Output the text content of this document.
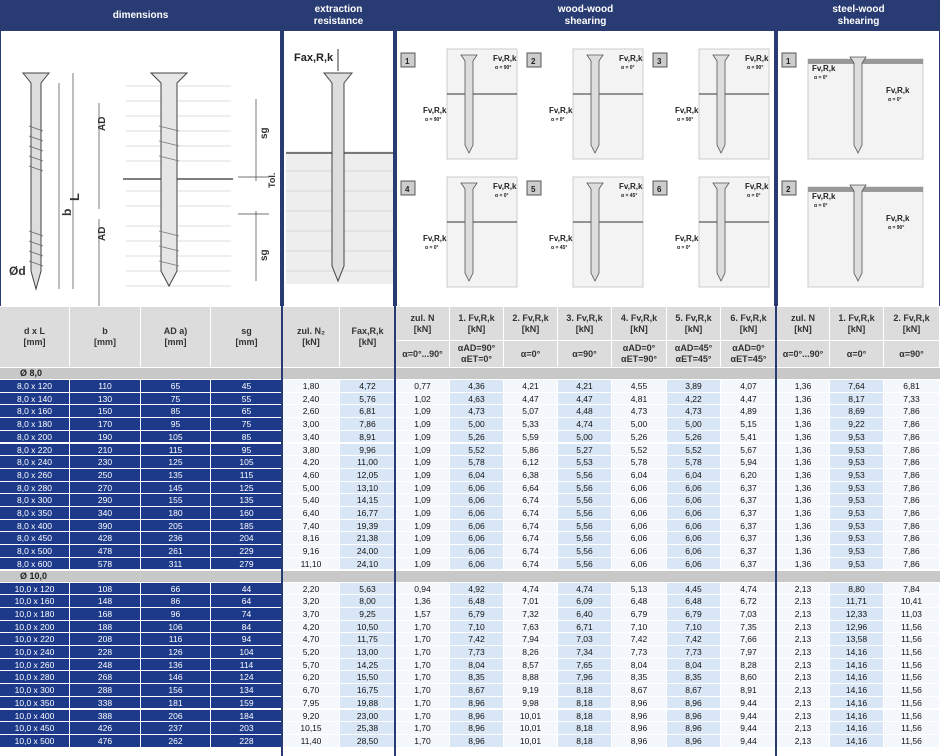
dimensions
extraction
resistance
wood-wood
shearing
steel-wood
shearing
AD
AD
L
b
Ød
sg
sg
Tol.
Fax,R,k	1	Fv,R,k
α = 90°
Fv,R,k
α = 90°
2	Fv,R,k
α = 0°
Fv,R,k
α = 0°
3	Fv,R,k
α = 90°
Fv,R,k
α = 90°
4	Fv,R,k
α = 0°
Fv,R,k
α = 0°
5	Fv,R,k
α = 45°
Fv,R,k
α = 45°
6	Fv,R,k
α = 0°
Fv,R,k
α = 0°
1
Fv,R,k
α = 0°
Fv,R,k
α = 0°
2
Fv,R,k
α = 0°
Fv,R,k
α = 90°
d x L
[mm]
b
[mm]
AD a)
[mm]
sg
[mm]
zul. N₂
[kN]
Fax,R,k
[kN]
zul. N
[kN]
α=0°...90°
1. Fv,R,k
[kN]
αAD=90°
αET=0°
2. Fv,R,k
[kN]
α=0°
3. Fv,R,k
[kN]
α=90°
4. Fv,R,k
[kN]
αAD=0°
αET=90°
5. Fv,R,k
[kN]
αAD=45°
αET=45°
6. Fv,R,k
[kN]
αAD=0°
αET=45°
zul. N
[kN]
α=0°...90°
1. Fv,R,k
[kN]
α=0°
2. Fv,R,k
[kN]
α=90°
Ø 8,0
8,0 x 120	110	65	45	1,80	4,72	0,77	4,36	4,21	4,21	4,55	3,89	4,07	1,36	7,64	6,81
8,0 x 140	130	75	55	2,40	5,76	1,02	4,63	4,47	4,47	4,81	4,22	4,47	1,36	8,17	7,33
8,0 x 160	150	85	65	2,60	6,81	1,09	4,73	5,07	4,48	4,73	4,73	4,89	1,36	8,69	7,86
8,0 x 180	170	95	75	3,00	7,86	1,09	5,00	5,33	4,74	5,00	5,00	5,15	1,36	9,22	7,86
8,0 x 200	190	105	85	3,40	8,91	1,09	5,26	5,59	5,00	5,26	5,26	5,41	1,36	9,53	7,86
8,0 x 220	210	115	95	3,80	9,96	1,09	5,52	5,86	5,27	5,52	5,52	5,67	1,36	9,53	7,86
8,0 x 240	230	125	105	4,20	11,00	1,09	5,78	6,12	5,53	5,78	5,78	5,94	1,36	9,53	7,86
8,0 x 260	250	135	115	4,60	12,05	1,09	6,04	6,38	5,56	6,04	6,04	6,20	1,36	9,53	7,86
8,0 x 280	270	145	125	5,00	13,10	1,09	6,06	6,64	5,56	6,06	6,06	6,37	1,36	9,53	7,86
8,0 x 300	290	155	135	5,40	14,15	1,09	6,06	6,74	5,56	6,06	6,06	6,37	1,36	9,53	7,86
8,0 x 350	340	180	160	6,40	16,77	1,09	6,06	6,74	5,56	6,06	6,06	6,37	1,36	9,53	7,86
8,0 x 400	390	205	185	7,40	19,39	1,09	6,06	6,74	5,56	6,06	6,06	6,37	1,36	9,53	7,86
8,0 x 450	428	236	204	8,16	21,38	1,09	6,06	6,74	5,56	6,06	6,06	6,37	1,36	9,53	7,86
8,0 x 500	478	261	229	9,16	24,00	1,09	6,06	6,74	5,56	6,06	6,06	6,37	1,36	9,53	7,86
8,0 x 600	578	311	279	11,10	24,10	1,09	6,06	6,74	5,56	6,06	6,06	6,37	1,36	9,53	7,86
Ø 10,0
10,0 x 120	108	66	44	2,20	5,63	0,94	4,92	4,74	4,74	5,13	4,45	4,74	2,13	8,80	7,84
10,0 x 160	148	86	64	3,20	8,00	1,36	6,48	7,01	6,09	6,48	6,48	6,72	2,13	11,71	10,41
10,0 x 180	168	96	74	3,70	9,25	1,57	6,79	7,32	6,40	6,79	6,79	7,03	2,13	12,33	11,03
10,0 x 200	188	106	84	4,20	10,50	1,70	7,10	7,63	6,71	7,10	7,10	7,35	2,13	12,96	11,56
10,0 x 220	208	116	94	4,70	11,75	1,70	7,42	7,94	7,03	7,42	7,42	7,66	2,13	13,58	11,56
10,0 x 240	228	126	104	5,20	13,00	1,70	7,73	8,26	7,34	7,73	7,73	7,97	2,13	14,16	11,56
10,0 x 260	248	136	114	5,70	14,25	1,70	8,04	8,57	7,65	8,04	8,04	8,28	2,13	14,16	11,56
10,0 x 280	268	146	124	6,20	15,50	1,70	8,35	8,88	7,96	8,35	8,35	8,60	2,13	14,16	11,56
10,0 x 300	288	156	134	6,70	16,75	1,70	8,67	9,19	8,18	8,67	8,67	8,91	2,13	14,16	11,56
10,0 x 350	338	181	159	7,95	19,88	1,70	8,96	9,98	8,18	8,96	8,96	9,44	2,13	14,16	11,56
10,0 x 400	388	206	184	9,20	23,00	1,70	8,96	10,01	8,18	8,96	8,96	9,44	2,13	14,16	11,56
10,0 x 450	426	237	203	10,15	25,38	1,70	8,96	10,01	8,18	8,96	8,96	9,44	2,13	14,16	11,56
10,0 x 500	476	262	228	11,40	28,50	1,70	8,96	10,01	8,18	8,96	8,96	9,44	2,13	14,16	11,56
